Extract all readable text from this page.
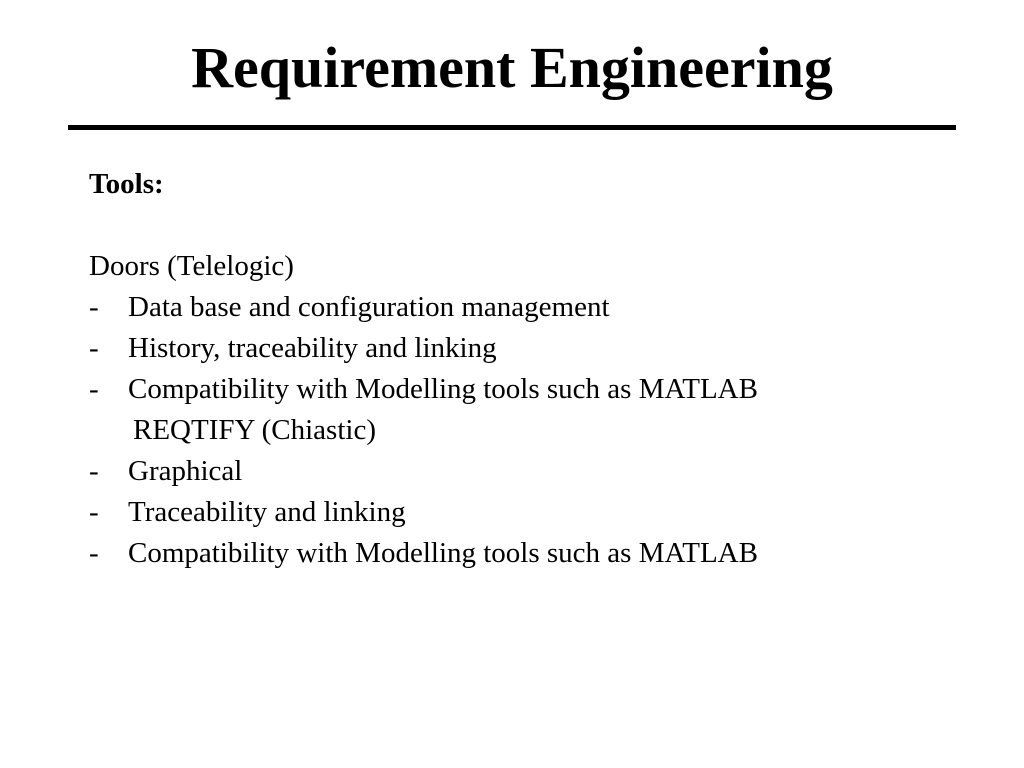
Requirement Engineering
Tools:
Doors (Telelogic)
-	Data base and configuration management
-	History, traceability and linking
-	Compatibility with Modelling tools such as MATLAB
REQTIFY (Chiastic)
-	Graphical
-	Traceability and linking
-	Compatibility with Modelling tools such as MATLAB
